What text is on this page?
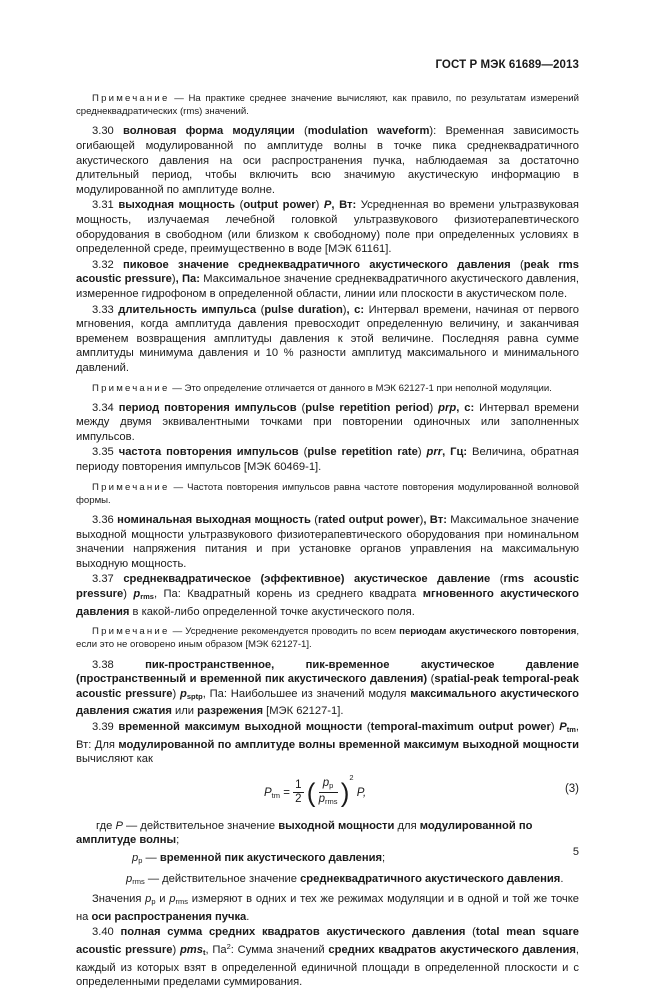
ГОСТ Р МЭК 61689—2013

Примечание — На практике среднее значение вычисляют, как правило, по результатам измерений среднеквадратических (rms) значений.

3.30 волновая форма модуляции (modulation waveform): Временная зависимость огибающей модулированной по амплитуде волны в точке пика среднеквадратичного акустического давления на оси распространения пучка, наблюдаемая за достаточно длительный период, чтобы включить всю значимую акустическую информацию в модулированной по амплитуде волне.

3.31 выходная мощность (output power) P, Вт: Усредненная во времени ультразвуковая мощность, излучаемая лечебной головкой ультразвукового физиотерапевтического оборудования в свободном (или близком к свободному) поле при определенных условиях в определенной среде, преимущественно в воде [МЭК 61161].

3.32 пиковое значение среднеквадратичного акустического давления (peak rms acoustic pressure), Па: Максимальное значение среднеквадратичного акустического давления, измеренное гидрофоном в определенной области, линии или плоскости в акустическом поле.

3.33 длительность импульса (pulse duration), с: Интервал времени, начиная от первого мгновения, когда амплитуда давления превосходит определенную величину, и заканчивая временем возвращения амплитуды давления к этой величине. Последняя равна сумме амплитуды минимума давления и 10 % разности амплитуд максимального и минимального давлений.

Примечание — Это определение отличается от данного в МЭК 62127-1 при неполной модуляции.

3.34 период повторения импульсов (pulse repetition period) prp, с: Интервал времени между двумя эквивалентными точками при повторении одиночных или заполненных импульсов.

3.35 частота повторения импульсов (pulse repetition rate) prr, Гц: Величина, обратная периоду повторения импульсов [МЭК 60469-1].

Примечание — Частота повторения импульсов равна частоте повторения модулированной волновой формы.

3.36 номинальная выходная мощность (rated output power), Вт: Максимальное значение выходной мощности ультразвукового физиотерапевтического оборудования при номинальном значении напряжения питания и при установке органов управления на максимальную выходную мощность.

3.37 среднеквадратическое (эффективное) акустическое давление (rms acoustic pressure) $p_{rms}$, Па: Квадратный корень из среднего квадрата мгновенного акустического давления в какой-либо определенной точке акустического поля.

Примечание — Усреднение рекомендуется проводить по всем периодам акустического повторения, если это не оговорено иным образом [МЭК 62127-1].

3.38 пик-пространственное, пик-временное акустическое давление (пространственный и временной пик акустического давления) (spatial-peak temporal-peak acoustic pressure) $p_{sptp}$, Па: Наибольшее из значений модуля максимального акустического давления сжатия или разрежения [МЭК 62127-1].

3.39 временной максимум выходной мощности (temporal-maximum output power) $P_{tm}$, Вт: Для модулированной по амплитуде волны временной максимум выходной мощности вычисляют как

$P_{tm} = \frac{1}{2}$ ( $\frac{p_p}{p_{rms}} )^2$ P,	(3)
где P — действительное значение выходной мощности для модулированной по амплитуде волны;
$p_p$ — временной пик акустического давления;
$p_{rms}$ — действительное значение среднеквадратичного акустического давления.

Значения $p_p$ и $p_{rms}$ измеряют в одних и тех же режимах модуляции и в одной и той же точке на оси распространения пучка.

3.40 полная сумма средних квадратов акустического давления (total mean square acoustic pressure) pms$_t$, $Па^2$: Сумма значений средних квадратов акустического давления, каждый из которых взят в определенной единичной площади в определенной плоскости и с определенными пределами суммирования.

5
